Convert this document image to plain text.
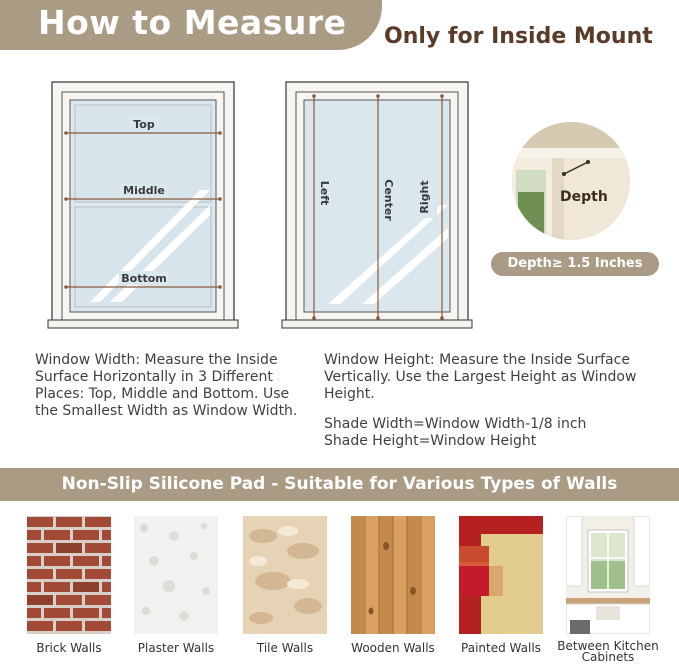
How to Measure Only for Inside Mount
Top
Middle
Bottom
Left	Center Right	Depth
Depth≥ 1.5 Inches
Window Width: Measure the Inside Surface Horizontally in 3 Different Places: Top, Middle and Bottom. Use the Smallest Width as Window Width.
Window Height: Measure the Inside Surface Vertically. Use the Largest Height as Window Height.
Shade Width=Window Width-1/8 inch
Shade Height=Window Height
Non-Slip Silicone Pad - Suitable for Various Types of Walls
Brick Walls	Plaster Walls	Tile Walls	Wooden Walls	Painted Walls	Between Kitchen Cabinets
